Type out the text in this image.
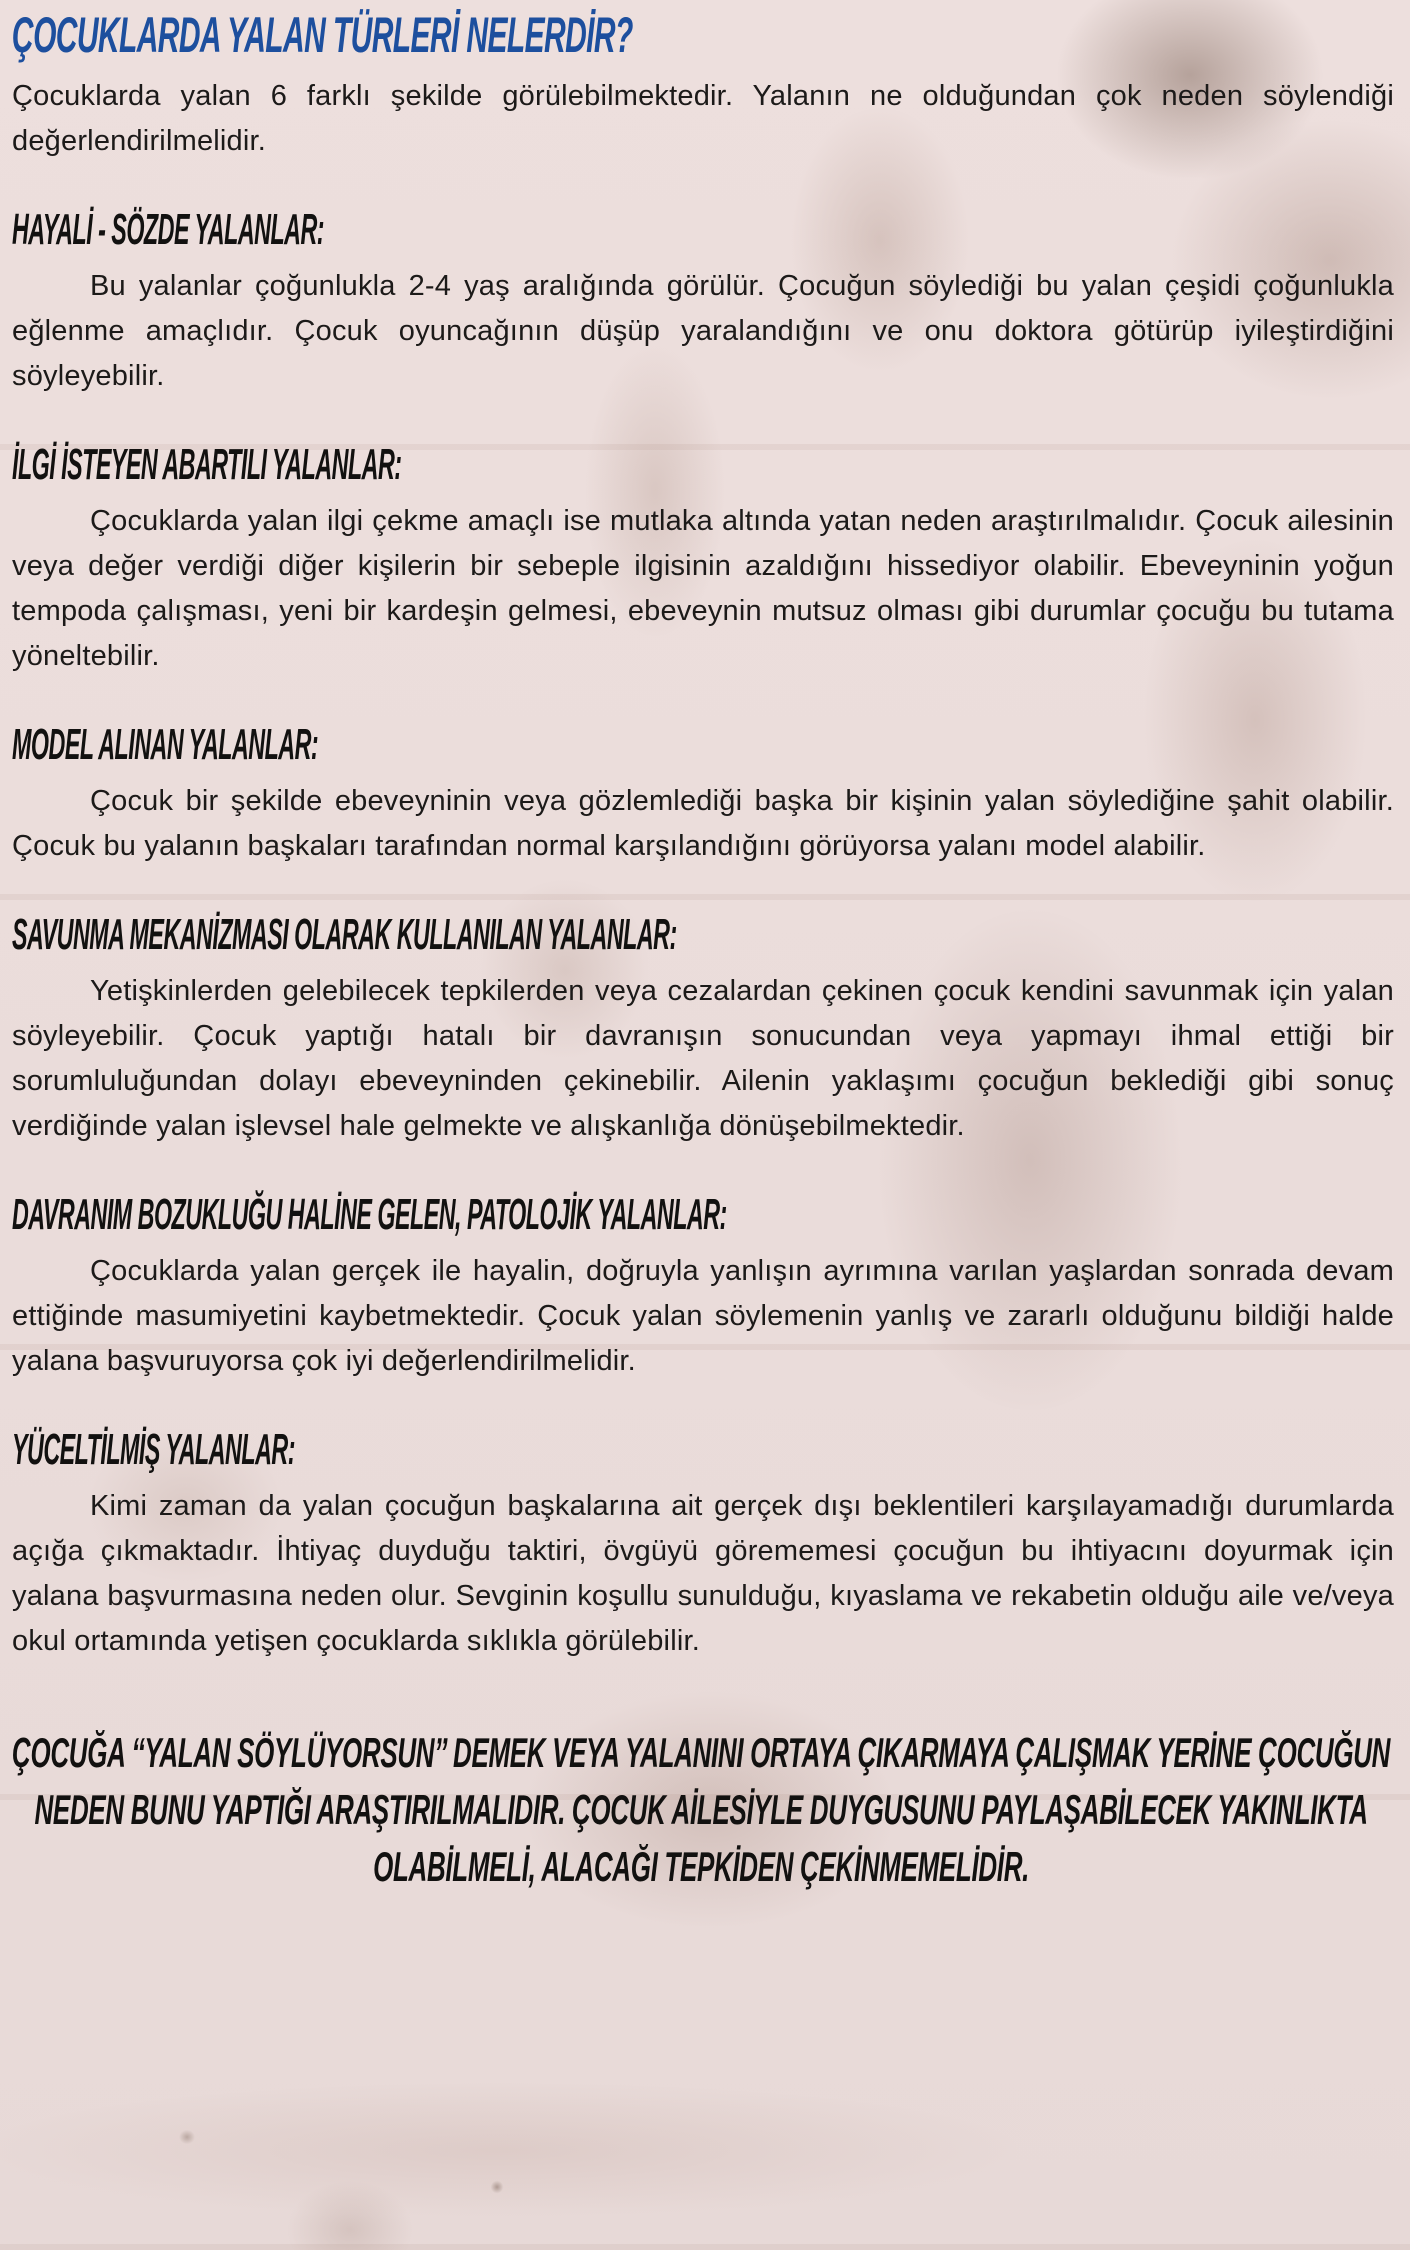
ÇOCUKLARDA YALAN TÜRLERİ NELERDİR?

Çocuklarda yalan 6 farklı şekilde görülebilmektedir. Yalanın ne olduğundan çok neden söylendiği değerlendirilmelidir.

HAYALİ - SÖZDE YALANLAR:

Bu yalanlar çoğunlukla 2-4 yaş aralığında görülür. Çocuğun söylediği bu yalan çeşidi çoğunlukla eğlenme amaçlıdır. Çocuk oyuncağının düşüp yaralandığını ve onu doktora götürüp iyileştirdiğini söyleyebilir.

İLGİ İSTEYEN ABARTILI YALANLAR:

Çocuklarda yalan ilgi çekme amaçlı ise mutlaka altında yatan neden araştırılmalıdır. Çocuk ailesinin veya değer verdiği diğer kişilerin bir sebeple ilgisinin azaldığını hissediyor olabilir. Ebeveyninin yoğun tempoda çalışması, yeni bir kardeşin gelmesi, ebeveynin mutsuz olması gibi durumlar çocuğu bu tutama yöneltebilir.

MODEL ALINAN YALANLAR:

Çocuk bir şekilde ebeveyninin veya gözlemlediği başka bir kişinin yalan söylediğine şahit olabilir. Çocuk bu yalanın başkaları tarafından normal karşılandığını görüyorsa yalanı model alabilir.

SAVUNMA MEKANİZMASI OLARAK KULLANILAN YALANLAR:

Yetişkinlerden gelebilecek tepkilerden veya cezalardan çekinen çocuk kendini savunmak için yalan söyleyebilir. Çocuk yaptığı hatalı bir davranışın sonucundan veya yapmayı ihmal ettiği bir sorumluluğundan dolayı ebeveyninden çekinebilir. Ailenin yaklaşımı çocuğun beklediği gibi sonuç verdiğinde yalan işlevsel hale gelmekte ve alışkanlığa dönüşebilmektedir.

DAVRANIM BOZUKLUĞU HALİNE GELEN, PATOLOJİK YALANLAR:

Çocuklarda yalan gerçek ile hayalin, doğruyla yanlışın ayrımına varılan yaşlardan sonrada devam ettiğinde masumiyetini kaybetmektedir. Çocuk yalan söylemenin yanlış ve zararlı olduğunu bildiği halde yalana başvuruyorsa çok iyi değerlendirilmelidir.

YÜCELTİLMİŞ YALANLAR:

Kimi zaman da yalan çocuğun başkalarına ait gerçek dışı beklentileri karşılayamadığı durumlarda açığa çıkmaktadır. İhtiyaç duyduğu taktiri, övgüyü görememesi çocuğun bu ihtiyacını doyurmak için yalana başvurmasına neden olur. Sevginin koşullu sunulduğu, kıyaslama ve rekabetin olduğu aile ve/veya okul ortamında yetişen çocuklarda sıklıkla görülebilir.

ÇOCUĞA ‘‘YALAN SÖYLÜYORSUN’’ DEMEK VEYA YALANINI ORTAYA ÇIKARMAYA ÇALIŞMAK YERİNE ÇOCUĞUN NEDEN BUNU YAPTIĞI ARAŞTIRILMALIDIR. ÇOCUK AİLESİYLE DUYGUSUNU PAYLAŞABİLECEK YAKINLIKTA OLABİLMELİ, ALACAĞI TEPKİDEN ÇEKİNMEMELİDİR.
